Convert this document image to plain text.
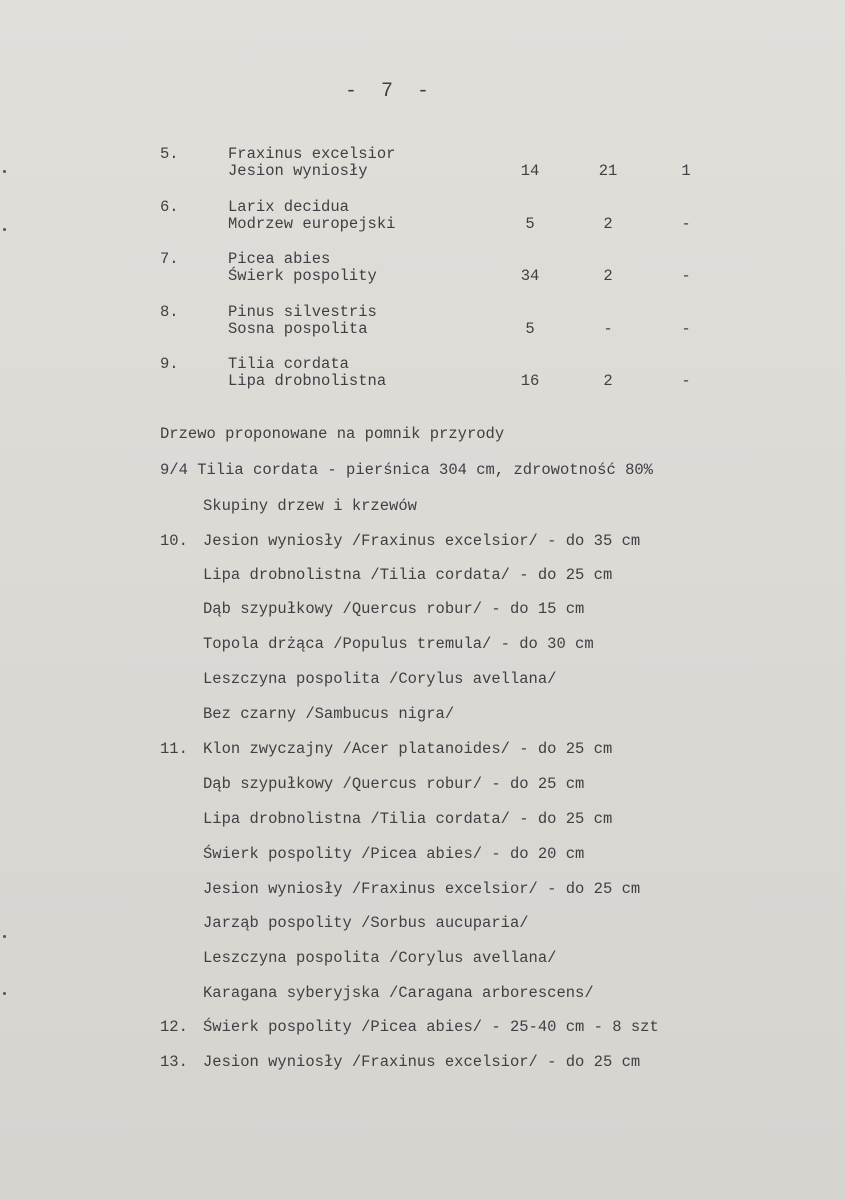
- 7 -
5.	Fraxinus excelsior
Jesion wyniosły	14	21	1
6.	Larix decidua
Modrzew europejski	5	2	-
7.	Picea abies
Świerk pospolity	34	2	-
8.	Pinus silvestris
Sosna pospolita	5	-	-
9.	Tilia cordata
Lipa drobnolistna	16	2	-
Drzewo proponowane na pomnik przyrody
9/4 Tilia cordata - pierśnica 304 cm, zdrowotność 80%
Skupiny drzew i krzewów
10. Jesion wyniosły /Fraxinus excelsior/ - do 35 cm
Lipa drobnolistna /Tilia cordata/ - do 25 cm
Dąb szypułkowy /Quercus robur/ - do 15 cm
Topola drżąca /Populus tremula/ - do 30 cm
Leszczyna pospolita /Corylus avellana/
Bez czarny /Sambucus nigra/
11. Klon zwyczajny /Acer platanoides/ - do 25 cm
Dąb szypułkowy /Quercus robur/ - do 25 cm
Lipa drobnolistna /Tilia cordata/ - do 25 cm
Świerk pospolity /Picea abies/ - do 20 cm
Jesion wyniosły /Fraxinus excelsior/ - do 25 cm
Jarząb pospolity /Sorbus aucuparia/
Leszczyna pospolita /Corylus avellana/
Karagana syberyjska /Caragana arborescens/
12. Świerk pospolity /Picea abies/ - 25-40 cm - 8 szt
13. Jesion wyniosły /Fraxinus excelsior/ - do 25 cm
